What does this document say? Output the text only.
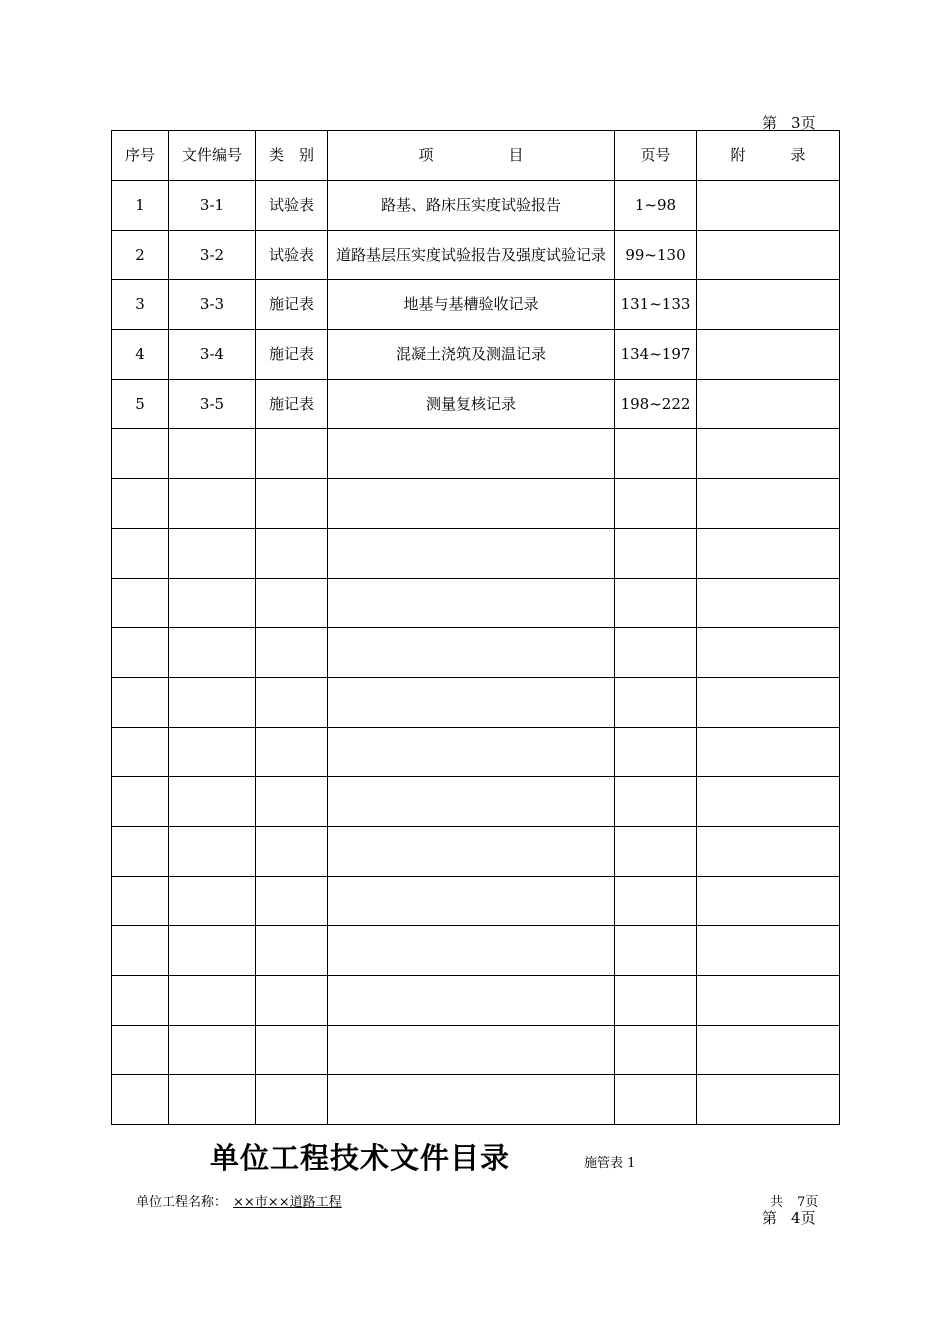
第 3页
序号	文件编号	类　别	项　　　　　目	页号	附　　　录
1	3-1	试验表	路基、路床压实度试验报告	1~98	
2	3-2	试验表	道路基层压实度试验报告及强度试验记录	99~130	
3	3-3	施记表	地基与基槽验收记录	131~133	
4	3-4	施记表	混凝土浇筑及测温记录	134~197	
5	3-5	施记表	测量复核记录	198~222	

单位工程技术文件目录	施管表 1
单位工程名称： ××市××道路工程	共 7页
第 4页
